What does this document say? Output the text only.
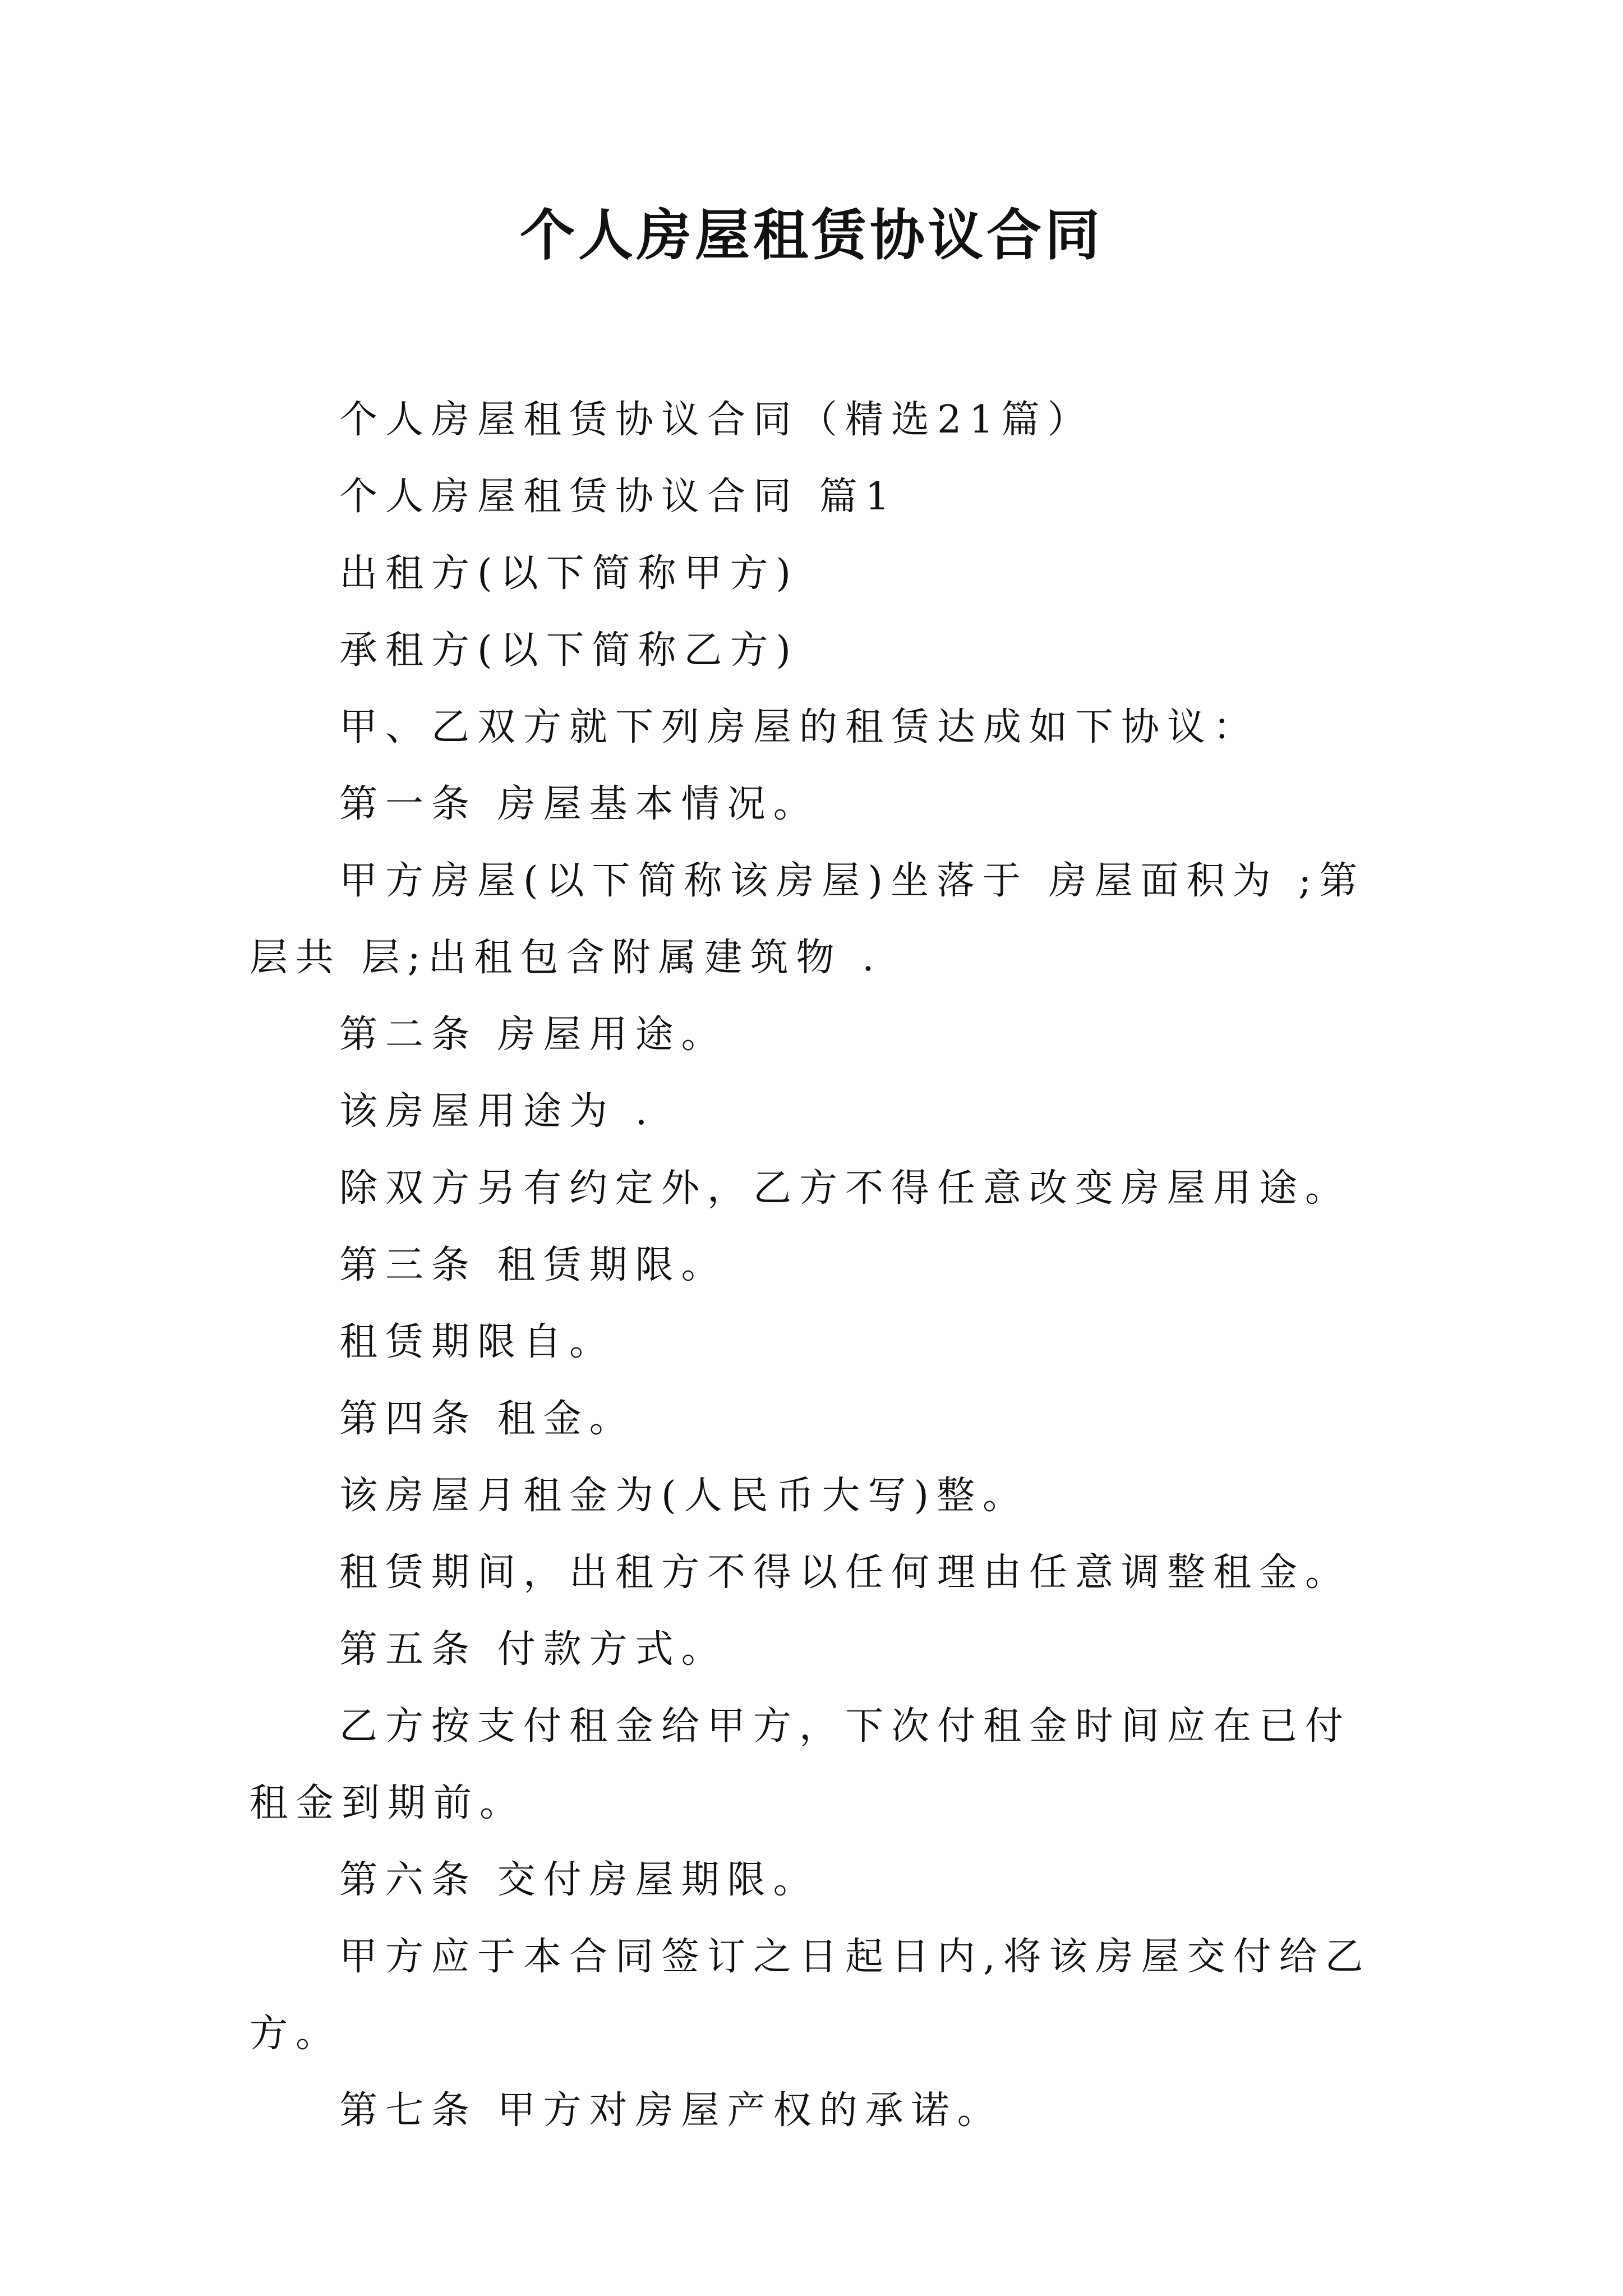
个人房屋租赁协议合同

个人房屋租赁协议合同（精选21篇）

个人房屋租赁协议合同 篇1

出租方(以下简称甲方)

承租方(以下简称乙方)

甲、乙双方就下列房屋的租赁达成如下协议：

第一条 房屋基本情况。

甲方房屋(以下简称该房屋)坐落于 房屋面积为 ;第 层共 层;出租包含附属建筑物 .

第二条 房屋用途。

该房屋用途为 .

除双方另有约定外，乙方不得任意改变房屋用途。

第三条 租赁期限。

租赁期限自。

第四条 租金。

该房屋月租金为(人民币大写)整。

租赁期间，出租方不得以任何理由任意调整租金。

第五条 付款方式。

乙方按支付租金给甲方，下次付租金时间应在已付租金到期前。

第六条 交付房屋期限。

甲方应于本合同签订之日起日内,将该房屋交付给乙方。

第七条 甲方对房屋产权的承诺。
